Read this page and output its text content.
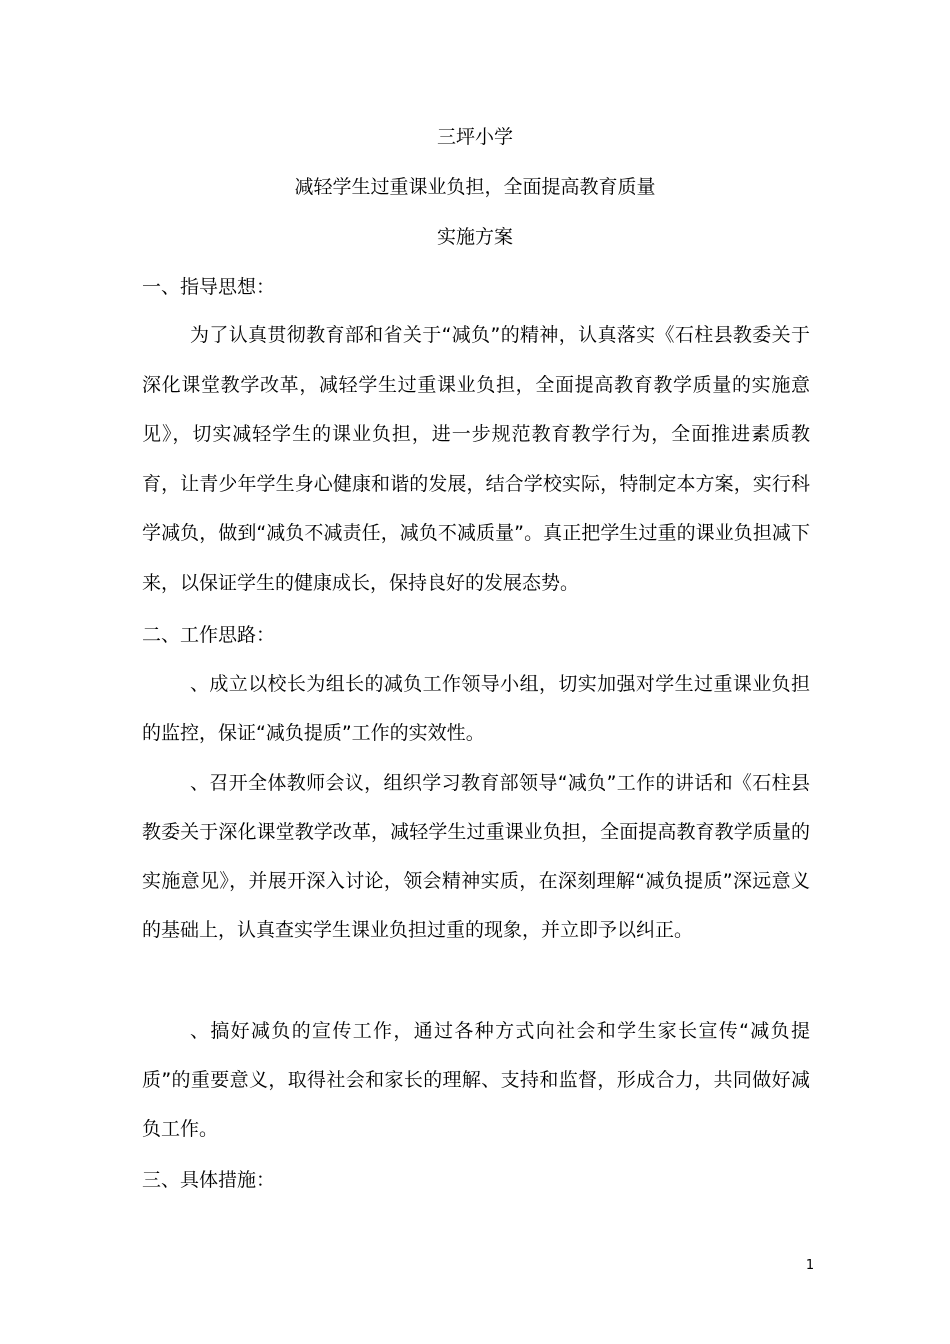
三坪小学
减轻学生过重课业负担，全面提高教育质量
实施方案
一、指导思想：

为了认真贯彻教育部和省关于“减负”的精神，认真落实《石柱县教委关于深化课堂教学改革，减轻学生过重课业负担，全面提高教育教学质量的实施意见》，切实减轻学生的课业负担，进一步规范教育教学行为，全面推进素质教育，让青少年学生身心健康和谐的发展，结合学校实际，特制定本方案，实行科学减负，做到“减负不减责任，减负不减质量”。真正把学生过重的课业负担减下来，以保证学生的健康成长，保持良好的发展态势。

二、工作思路：

、成立以校长为组长的减负工作领导小组，切实加强对学生过重课业负担的监控，保证“减负提质”工作的实效性。

、召开全体教师会议，组织学习教育部领导“减负”工作的讲话和《石柱县教委关于深化课堂教学改革，减轻学生过重课业负担，全面提高教育教学质量的实施意见》，并展开深入讨论，领会精神实质，在深刻理解“减负提质”深远意义的基础上，认真查实学生课业负担过重的现象，并立即予以纠正。

、搞好减负的宣传工作，通过各种方式向社会和学生家长宣传“减负提质”的重要意义，取得社会和家长的理解、支持和监督，形成合力，共同做好减负工作。

三、具体措施：
1
